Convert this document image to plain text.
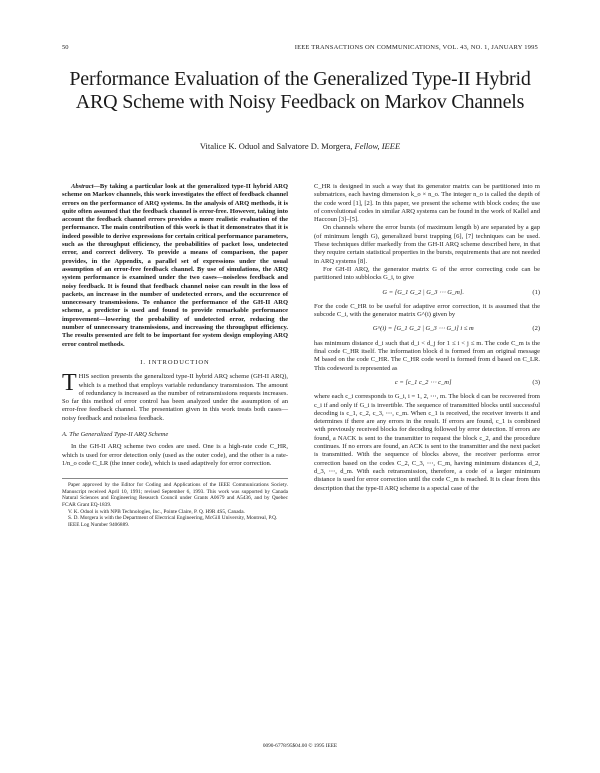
50	IEEE TRANSACTIONS ON COMMUNICATIONS, VOL. 43, NO. 1, JANUARY 1995
Performance Evaluation of the Generalized Type-II Hybrid ARQ Scheme with Noisy Feedback on Markov Channels
Vitalice K. Oduol and Salvatore D. Morgera, Fellow, IEEE

Abstract—By taking a particular look at the generalized type-II hybrid ARQ scheme on Markov channels, this work investigates the effect of feedback channel errors on the performance of ARQ systems. In the analysis of ARQ methods, it is quite often assumed that the feedback channel is error-free. However, taking into account the feedback channel errors provides a more realistic evaluation of the performance. The main contribution of this work is that it demonstrates that it is indeed possible to derive expressions for certain critical performance parameters, such as the throughput efficiency, the probabilities of packet loss, undetected error, and correct delivery. To provide a means of comparison, the paper provides, in the Appendix, a parallel set of expressions under the usual assumption of an error-free feedback channel. By use of simulations, the ARQ system performance is examined under the two cases—noiseless feedback and noisy feedback. It is found that feedback channel noise can result in the loss of packets, an increase in the number of undetected errors, and the occurrence of unnecessary transmissions. To enhance the performance of the GH-II ARQ scheme, a predictor is used and found to provide remarkable performance improvement—lowering the probability of undetected error, reducing the number of unnecessary transmissions, and increasing the throughput efficiency. The results presented are felt to be important for system design employing ARQ error control methods.

I. INTRODUCTION

THIS section presents the generalized type-II hybrid ARQ scheme (GH-II ARQ), which is a method that employs variable redundancy transmission. The amount of redundancy is increased as the number of retransmissions requests increases. So far this method of error control has been analyzed under the assumption of an error-free feedback channel. The presentation given in this work treats both cases—noisy feedback and noiseless feedback.

A. The Generalized Type-II ARQ Scheme

In the GH-II ARQ scheme two codes are used. One is a high-rate code C_HR, which is used for error detection only (used as the outer code), and the other is a rate-1/n_o code C_LR (the inner code), which is used adaptively for error correction.

Paper approved by the Editor for Coding and Applications of the IEEE Communications Society. Manuscript received April 10, 1991; revised September 6, 1993. This work was supported by Canada Natural Sciences and Engineering Research Council under Grants A0679 and A5436, and by Quebec FCAR Grant EQ-1839.

V. K. Oduol is with NPB Technologies, Inc., Pointe Claire, P. Q. H9R 4S5, Canada.

S. D. Morgera is with the Department of Electrical Engineering, McGill University, Montreal, P.Q.

IEEE Log Number 9406889.

C_HR is designed in such a way that its generator matrix can be partitioned into m submatrices, each having dimension k_o × n_o. The integer n_o is called the depth of the code word [1], [2]. In this paper, we present the scheme with block codes; the use of convolutional codes in similar ARQ systems can be found in the work of Kallel and Haccoun [3]–[5].

On channels where the error bursts (of maximum length b) are separated by a gap (of minimum length G), generalized burst trapping [6], [7] techniques can be used. These techniques differ markedly from the GH-II ARQ scheme described here, in that they require certain statistical properties in the bursts, requirements that are not needed in ARQ systems [8].

For GH-II ARQ, the generator matrix G of the error correcting code can be partitioned into subblocks G_i, to give

G = [G_1 G_2 | G_3 ⋯ G_m].	(1)

For the code C_HR to be useful for adaptive error correction, it is assumed that the subcode C_i, with the generator matrix G^(i) given by

G^(i) = [G_1 G_2 | G_3 ⋯ G_i] i ≤ m	(2)

has minimum distance d_i such that d_i < d_j for 1 ≤ i < j ≤ m. The code C_m is the final code C_HR itself. The information block d is formed from an original message M based on the code C_HR. The C_HR code word is formed from d based on C_LR. This codeword is represented as

c = [c_1 c_2 ⋯ c_m]	(3)

where each c_i corresponds to G_i, i = 1, 2, ⋯, m. The block d can be recovered from c_i if and only if G_i is invertible. The sequence of transmitted blocks until successful decoding is c_1, c_2, c_3, ⋯, c_m. When c_1 is received, the receiver inverts it and determines if there are any errors in the result. If errors are found, c_1 is combined with previously received blocks for decoding followed by error detection. If errors are found, a NACK is sent to the transmitter to request the block c_2, and the procedure continues. If no errors are found, an ACK is sent to the transmitter and the next packet is transmitted. With the sequence of blocks above, the receiver performs error correction based on the codes C_2, C_3, ⋯, C_m, having minimum distances d_2, d_3, ⋯, d_m. With each retransmission, therefore, a code of a larger minimum distance is used for error correction until the code C_m is reached. It is clear from this description that the type-II ARQ scheme is a special case of the

0090-6778/95$04.00 © 1995 IEEE
